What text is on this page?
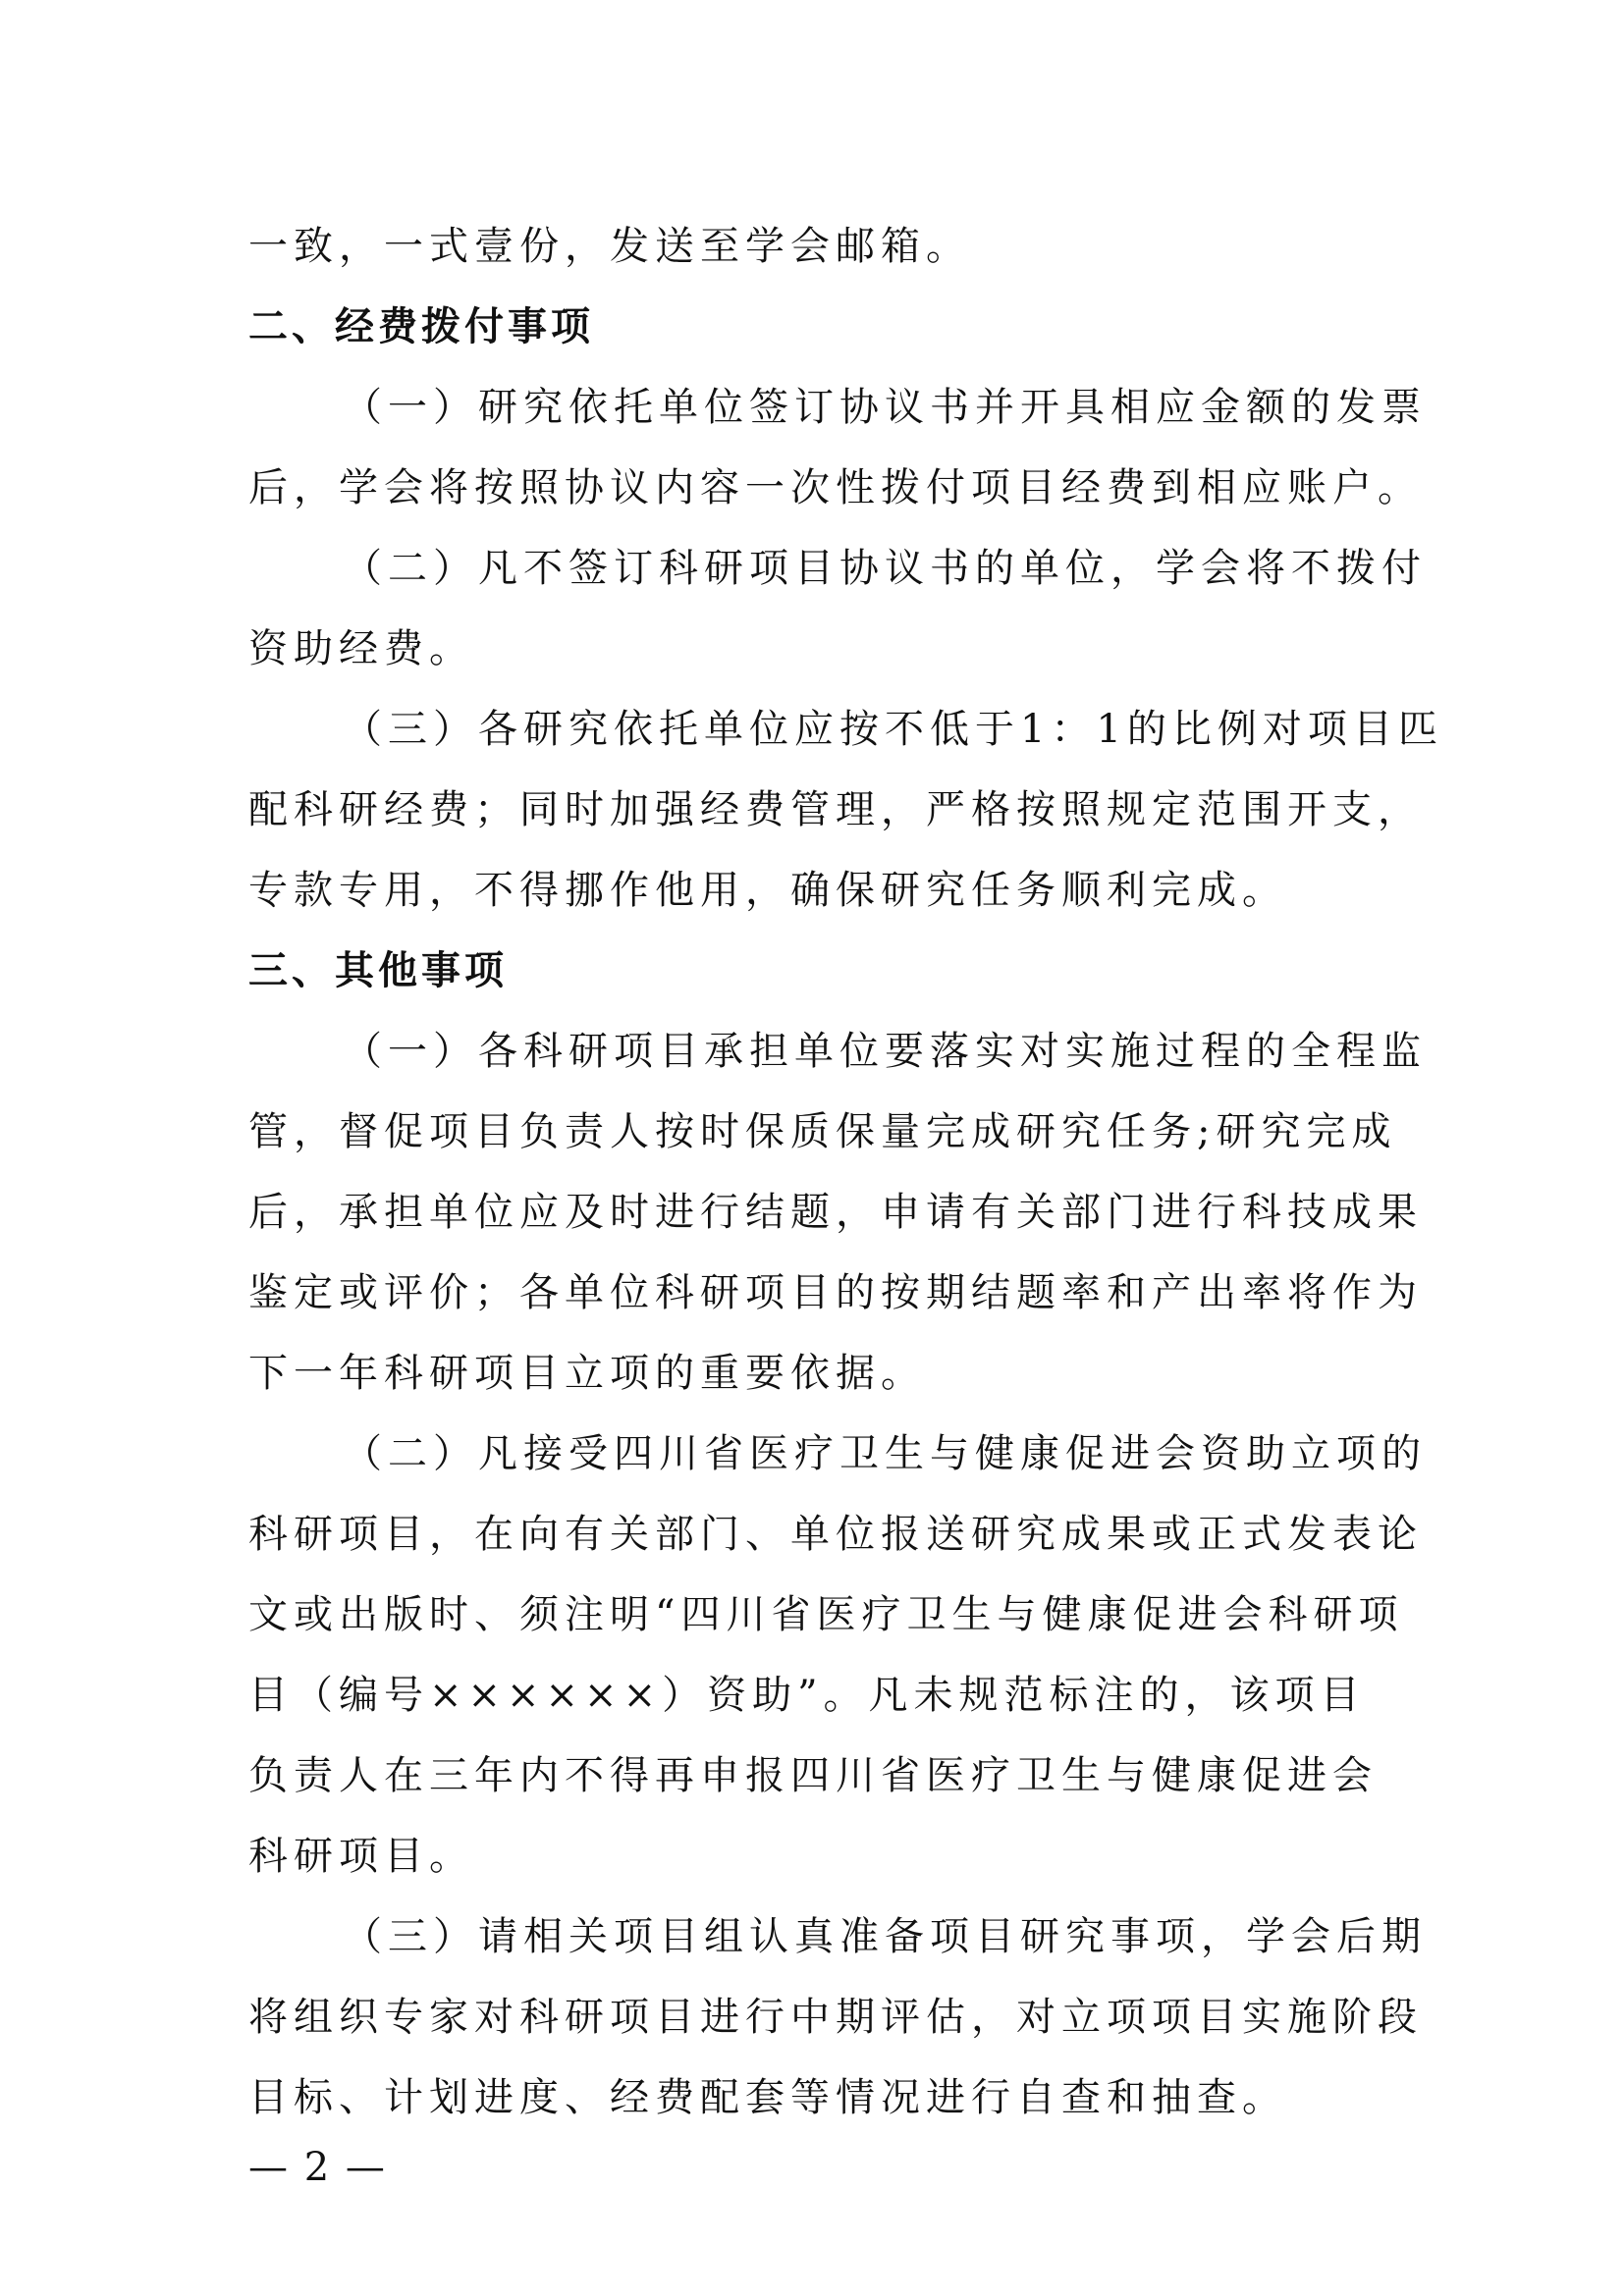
一致，一式壹份，发送至学会邮箱。
二、经费拨付事项
（一）研究依托单位签订协议书并开具相应金额的发票
后，学会将按照协议内容一次性拨付项目经费到相应账户。
（二）凡不签订科研项目协议书的单位，学会将不拨付
资助经费。
（三）各研究依托单位应按不低于1：1的比例对项目匹
配科研经费；同时加强经费管理，严格按照规定范围开支，
专款专用，不得挪作他用，确保研究任务顺利完成。
三、其他事项
（一）各科研项目承担单位要落实对实施过程的全程监
管，督促项目负责人按时保质保量完成研究任务;研究完成
后，承担单位应及时进行结题，申请有关部门进行科技成果
鉴定或评价；各单位科研项目的按期结题率和产出率将作为
下一年科研项目立项的重要依据。
（二）凡接受四川省医疗卫生与健康促进会资助立项的
科研项目，在向有关部门、单位报送研究成果或正式发表论
文或出版时、须注明“四川省医疗卫生与健康促进会科研项
目（编号××××××）资助”。凡未规范标注的，该项目
负责人在三年内不得再申报四川省医疗卫生与健康促进会
科研项目。
（三）请相关项目组认真准备项目研究事项，学会后期
将组织专家对科研项目进行中期评估，对立项项目实施阶段
目标、计划进度、经费配套等情况进行自查和抽查。
— 2 —
